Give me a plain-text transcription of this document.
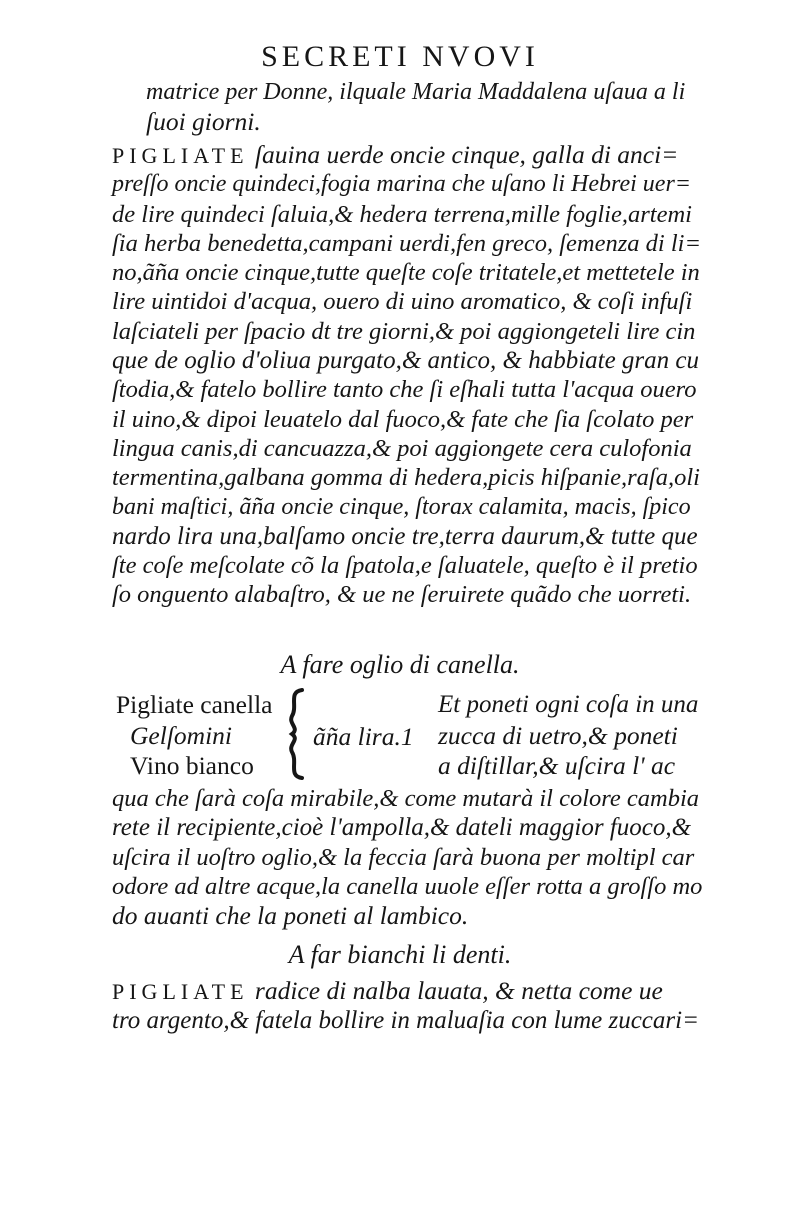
SECRETI NVOVI
matrice per Donne, ilquale Maria Maddalena uſaua a li
ſuoi giorni.
PIGLIATE ſauina uerde oncie cinque, galla di anci=
preſſo oncie quindeci,fogia marina che uſano li Hebrei uer=
de lire quindeci ſaluia,& hedera terrena,mille foglie,artemi
ſia herba benedetta,campani uerdi,fen greco, ſemenza di li=
no,ãña oncie cinque,tutte queſte coſe tritatele,et mettetele in
lire uintidoi d'acqua, ouero di uino aromatico, & coſi infuſi
laſciateli per ſpacio dt tre giorni,& poi aggiongeteli lire cin
que de oglio d'oliua purgato,& antico, & habbiate gran cu
ſtodia,& fatelo bollire tanto che ſi eſhali tutta l'acqua ouero
il uino,& dipoi leuatelo dal fuoco,& fate che ſia ſcolato per
lingua canis,di cancuazza,& poi aggiongete cera culofonia
termentina,galbana gomma di hedera,picis hiſpanie,raſa,oli
bani maſtici, ãña oncie cinque, ſtorax calamita, macis, ſpico
nardo lira una,balſamo oncie tre,terra daurum,& tutte que
ſte coſe meſcolate cõ la ſpatola,e ſaluatele, queſto è il pretio
ſo onguento alabaſtro, & ue ne ſeruirete quãdo che uorreti.
A fare oglio di canella.
Pigliate canella
Gelſomini
Vino bianco
ãña lira.1
Et poneti ogni coſa in una
zucca di uetro,& poneti
a diſtillar,& uſcira l' ac
qua che ſarà coſa mirabile,& come mutarà il colore cambia
rete il recipiente,cioè l'ampolla,& dateli maggior fuoco,&
uſcira il uoſtro oglio,& la feccia ſarà buona per moltipl car
odore ad altre acque,la canella uuole eſſer rotta a groſſo mo
do auanti che la poneti al lambico.
A far bianchi li denti.
PIGLIATE radice di nalba lauata, & netta come ue
tro argento,& fatela bollire in maluaſia con lume zuccari=
